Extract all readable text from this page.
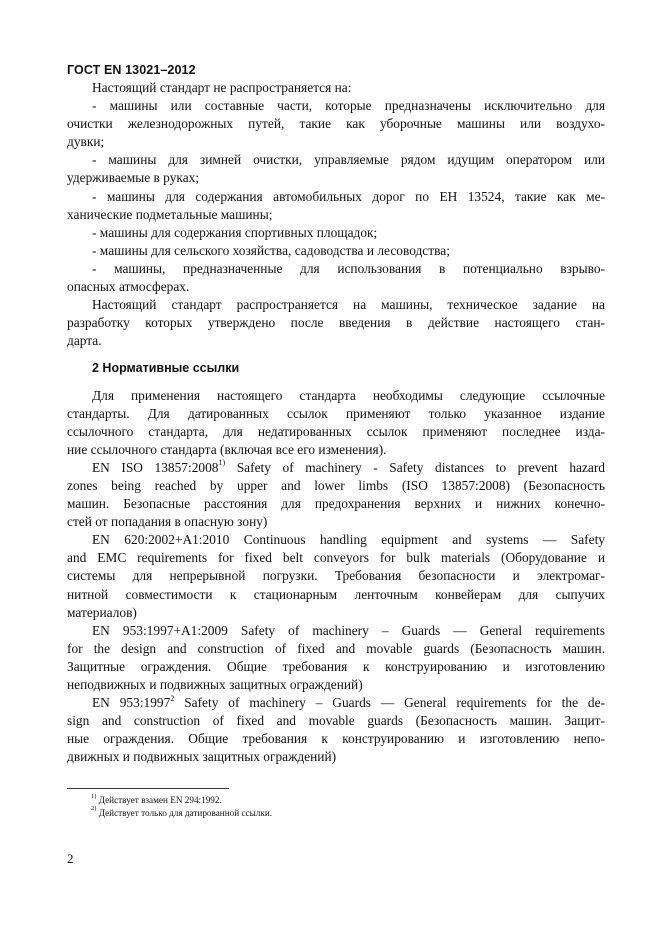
ГОСТ EN 13021–2012
Настоящий стандарт не распространяется на:
- машины или составные части, которые предназначены исключительно для
очистки железнодорожных путей, такие как уборочные машины или воздухо-
дувки;
- машины для зимней очистки, управляемые рядом идущим оператором или
удерживаемые в руках;
- машины для содержания автомобильных дорог по EH 13524, такие как ме-
ханические подметальные машины;
- машины для содержания спортивных площадок;
- машины для сельского хозяйства, садоводства и лесоводства;
- машины, предназначенные для использования в потенциально взрыво-
опасных атмосферах.
Настоящий стандарт распространяется на машины, техническое задание на
разработку которых утверждено после введения в действие настоящего стан-
дарта.
2 Нормативные ссылки
Для применения настоящего стандарта необходимы следующие ссылочные
стандарты. Для датированных ссылок применяют только указанное издание
ссылочного стандарта, для недатированных ссылок применяют последнее изда-
ние ссылочного стандарта (включая все его изменения).
EN ISO 13857:2008$^{1)}$ Safety of machinery - Safety distances to prevent hazard
zones being reached by upper and lower limbs (ISO 13857:2008) (Безопасность
машин. Безопасные расстояния для предохранения верхних и нижних конечно-
стей от попадания в опасную зону)
EN 620:2002+A1:2010 Continuous handling equipment and systems — Safety
and EMC requirements for fixed belt conveyors for bulk materials (Оборудование и
системы для непрерывной погрузки. Требования безопасности и электромаг-
нитной совместимости к стационарным ленточным конвейерам для сыпучих
материалов)
EN 953:1997+A1:2009 Safety of machinery – Guards — General requirements
for the design and construction of fixed and movable guards (Безопасность машин.
Защитные ограждения. Общие требования к конструированию и изготовлению
неподвижных и подвижных защитных ограждений)
EN 953:1997$^2$ Safety of machinery – Guards — General requirements for the de-
sign and construction of fixed and movable guards (Безопасность машин. Защит-
ные ограждения. Общие требования к конструированию и изготовлению непо-
движных и подвижных защитных ограждений)
$^{1)}$ Действует взамен EN 294:1992.
$^{2)}$ Действует только для датированной ссылки.
2
